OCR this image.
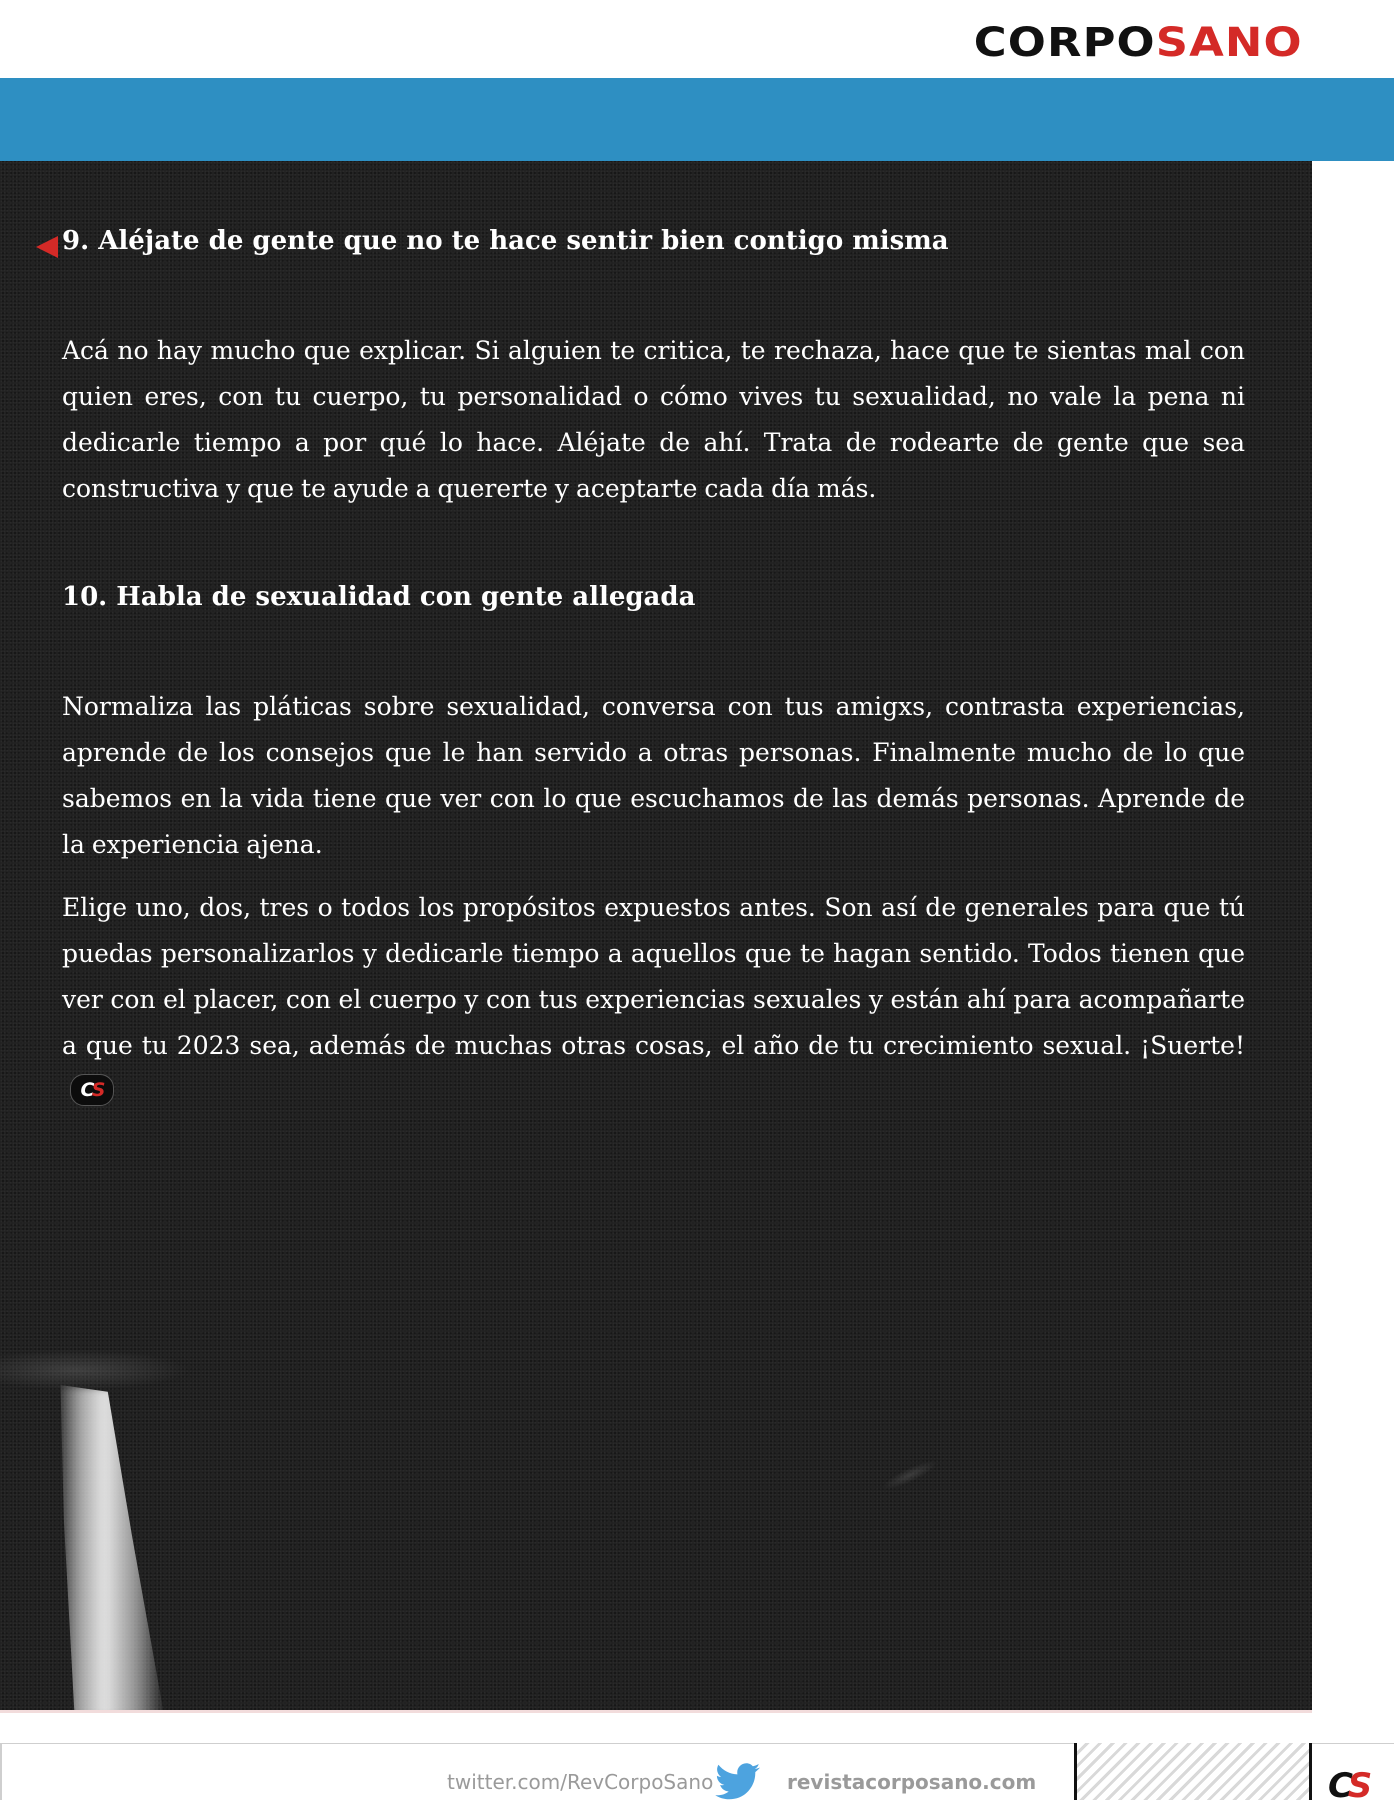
CORPOSANO
9. Aléjate de gente que no te hace sentir bien contigo misma

Acá no hay mucho que explicar. Si alguien te critica, te rechaza, hace que te sientas mal con quien eres, con tu cuerpo, tu personalidad o cómo vives tu sexualidad, no vale la pena ni dedicarle tiempo a por qué lo hace. Aléjate de ahí. Trata de rodearte de gente que sea constructiva y que te ayude a quererte y aceptarte cada día más.

10. Habla de sexualidad con gente allegada

Normaliza las pláticas sobre sexualidad, conversa con tus amigxs, contrasta experiencias, aprende de los consejos que le han servido a otras personas. Finalmente mucho de lo que sabemos en la vida tiene que ver con lo que escuchamos de las demás personas. Aprende de la experiencia ajena.

Elige uno, dos, tres o todos los propósitos expuestos antes. Son así de generales para que tú puedas personalizarlos y dedicarle tiempo a aquellos que te hagan sentido. Todos tienen que ver con el placer, con el cuerpo y con tus experiencias sexuales y están ahí para acompañarte a que tu 2023 sea, además de muchas otras cosas, el año de tu crecimiento sexual. ¡Suerte!CS

twitter.com/RevCorpoSano	revistacorposano.com	CS
